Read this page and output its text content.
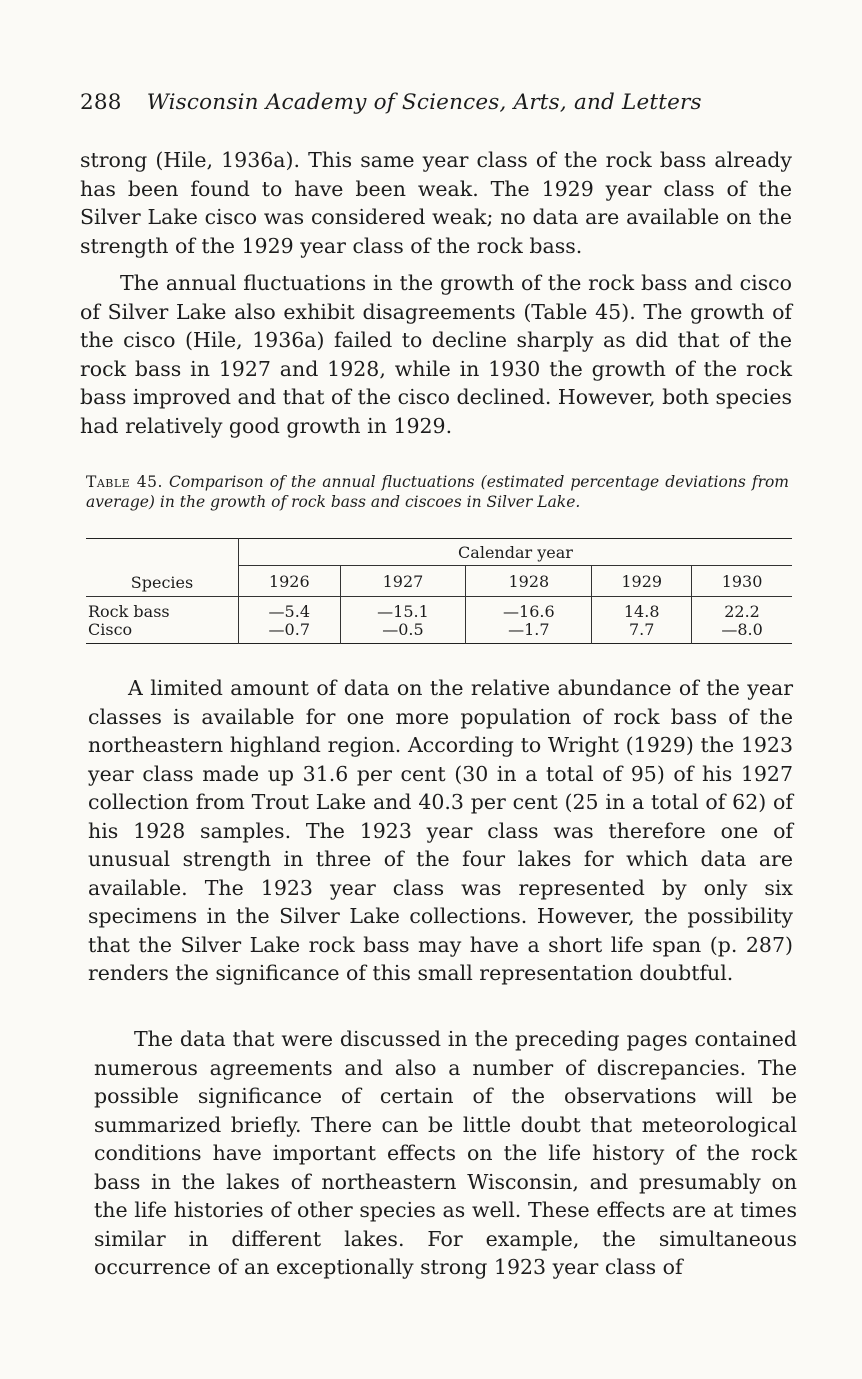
288 Wisconsin Academy of Sciences, Arts, and Letters

strong (Hile, 1936a). This same year class of the rock bass already has been found to have been weak. The 1929 year class of the Silver Lake cisco was considered weak; no data are available on the strength of the 1929 year class of the rock bass.

The annual fluctuations in the growth of the rock bass and cisco of Silver Lake also exhibit disagreements (Table 45). The growth of the cisco (Hile, 1936a) failed to decline sharply as did that of the rock bass in 1927 and 1928, while in 1930 the growth of the rock bass improved and that of the cisco declined. However, both species had relatively good growth in 1929.

Table 45. Comparison of the annual fluctuations (estimated percentage deviations from average) in the growth of rock bass and ciscoes in Silver Lake.

Species	Calendar year				
	1926	1927	1928	1929	1930
Rock bass	—5.4	—15.1	—16.6	14.8	22.2
Cisco	—0.7	—0.5	—1.7	7.7	—8.0

A limited amount of data on the relative abundance of the year classes is available for one more population of rock bass of the northeastern highland region. According to Wright (1929) the 1923 year class made up 31.6 per cent (30 in a total of 95) of his 1927 collection from Trout Lake and 40.3 per cent (25 in a total of 62) of his 1928 samples. The 1923 year class was therefore one of unusual strength in three of the four lakes for which data are available. The 1923 year class was represented by only six specimens in the Silver Lake collections. However, the possibility that the Silver Lake rock bass may have a short life span (p. 287) renders the significance of this small representation doubtful.

The data that were discussed in the preceding pages contained numerous agreements and also a number of discrepancies. The possible significance of certain of the observations will be summarized briefly. There can be little doubt that meteorological conditions have important effects on the life history of the rock bass in the lakes of northeastern Wisconsin, and presumably on the life histories of other species as well. These effects are at times similar in different lakes. For example, the simultaneous occurrence of an exceptionally strong 1923 year class of
